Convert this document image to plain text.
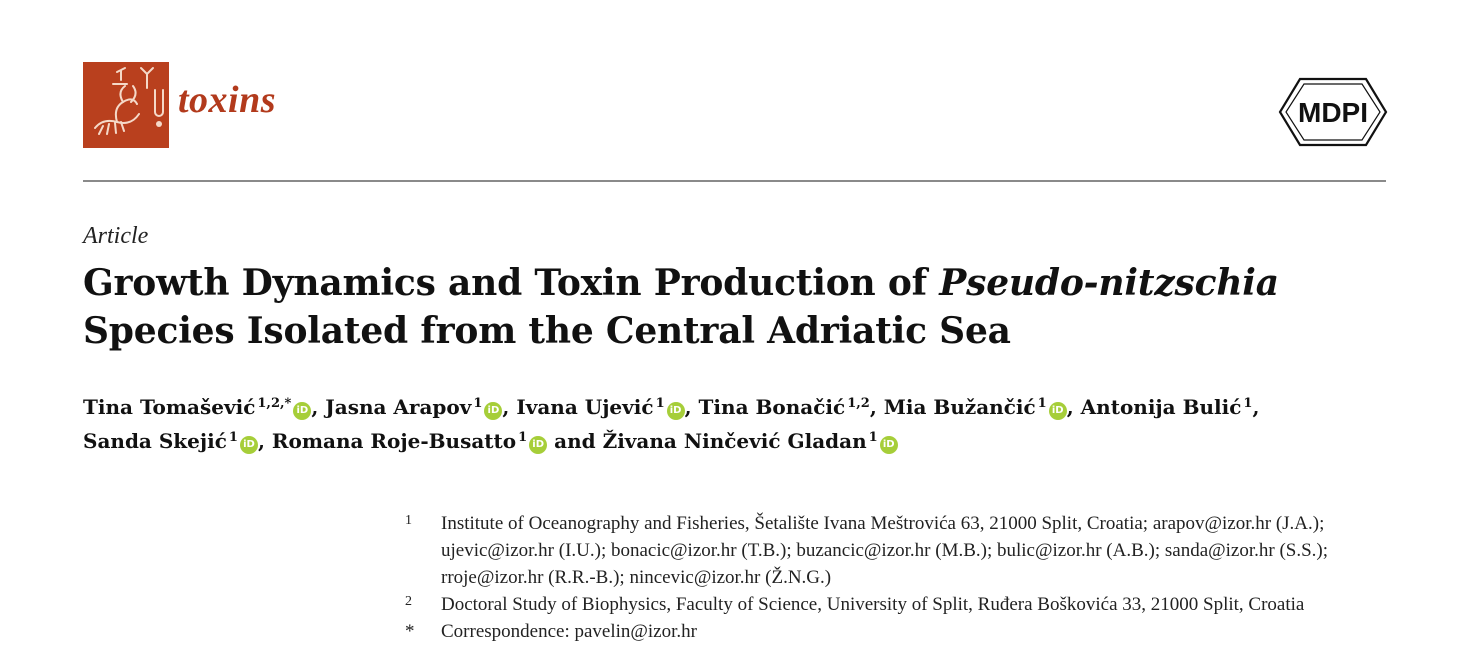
toxins	MDPI
Article
Growth Dynamics and Toxin Production of Pseudo-nitzschia Species Isolated from the Central Adriatic Sea

Tina Tomašević $^{1,2,*}$ iD , Jasna Arapov $^1$ iD , Ivana Ujević $^1$ iD , Tina Bonačić $^{1,2}$, Mia Bužančić $^1$ iD , Antonija Bulić $^1$,
Sanda Skejić $^1$ iD , Romana Roje-Busatto $^1$ iD and Živana Ninčević Gladan $^1$ iD

1	Institute of Oceanography and Fisheries, Šetalište Ivana Meštrovića 63, 21000 Split, Croatia; arapov@izor.hr (J.A.); ujevic@izor.hr (I.U.); bonacic@izor.hr (T.B.); buzancic@izor.hr (M.B.); bulic@izor.hr (A.B.); sanda@izor.hr (S.S.); rroje@izor.hr (R.R.-B.); nincevic@izor.hr (Ž.N.G.)
2	Doctoral Study of Biophysics, Faculty of Science, University of Split, Ruđera Boškovića 33, 21000 Split, Croatia
*	Correspondence: pavelin@izor.hr
